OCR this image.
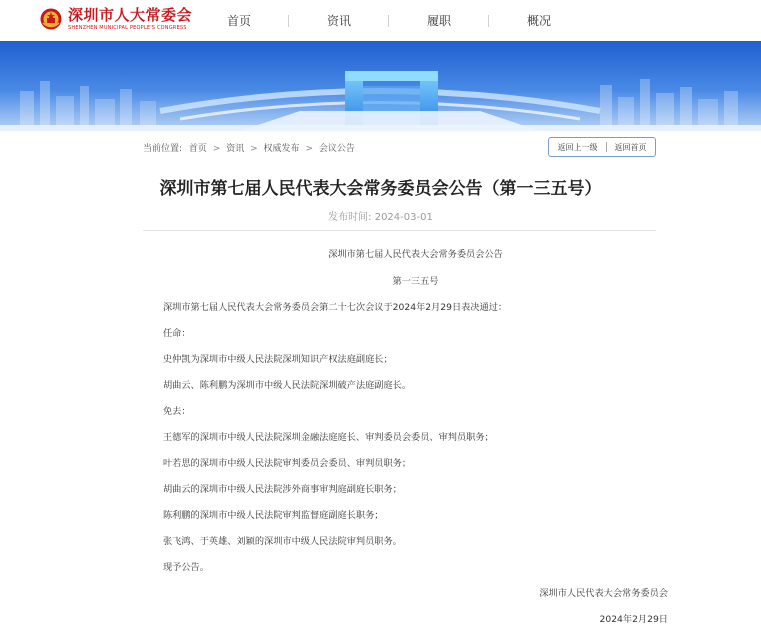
深圳市人大常委会
SHENZHEN MUNICIPAL PEOPLE'S CONGRESS	首页	资讯	履职	概况
当前位置: 首页 > 资讯 > 权威发布 > 会议公告	返回上一级	返回首页
深圳市第七届人民代表大会常务委员会公告（第一三五号）
发布时间: 2024-03-01
深圳市第七届人民代表大会常务委员会公告
第一三五号
深圳市第七届人民代表大会常务委员会第二十七次会议于2024年2月29日表决通过：
任命：
史仲凯为深圳市中级人民法院深圳知识产权法庭副庭长；
胡曲云、陈利鹏为深圳市中级人民法院深圳破产法庭副庭长。
免去：
王德军的深圳市中级人民法院深圳金融法庭庭长、审判委员会委员、审判员职务；
叶若思的深圳市中级人民法院审判委员会委员、审判员职务；
胡曲云的深圳市中级人民法院涉外商事审判庭副庭长职务；
陈利鹏的深圳市中级人民法院审判监督庭副庭长职务；
张飞鸿、于英雄、刘颖的深圳市中级人民法院审判员职务。
现予公告。
深圳市人民代表大会常务委员会
2024年2月29日
